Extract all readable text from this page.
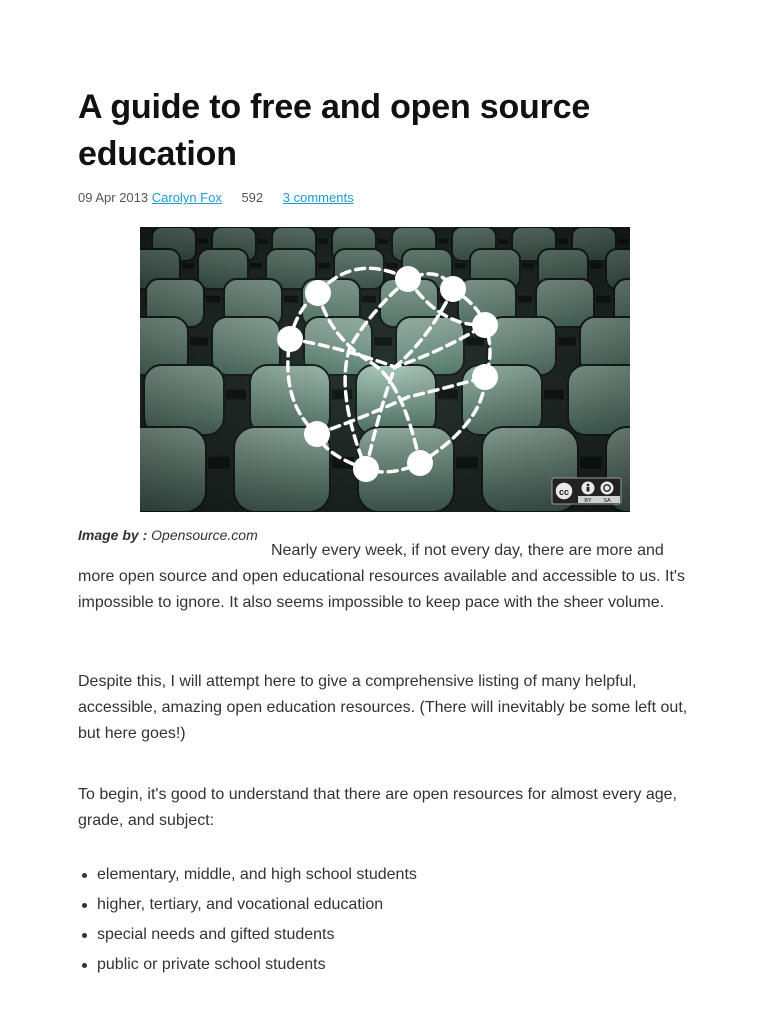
A guide to free and open source education
09 Apr 2013 Carolyn Fox 592 3 comments
cc
BY SA
Image by : Opensource.com

Nearly every week, if not every day, there are more and more open source and open educational resources available and accessible to us. It's impossible to ignore. It also seems impossible to keep pace with the sheer volume.

Despite this, I will attempt here to give a comprehensive listing of many helpful, accessible, amazing open education resources. (There will inevitably be some left out, but here goes!)

To begin, it's good to understand that there are open resources for almost every age, grade, and subject:

elementary, middle, and high school students
higher, tertiary, and vocational education
special needs and gifted students
public or private school students
